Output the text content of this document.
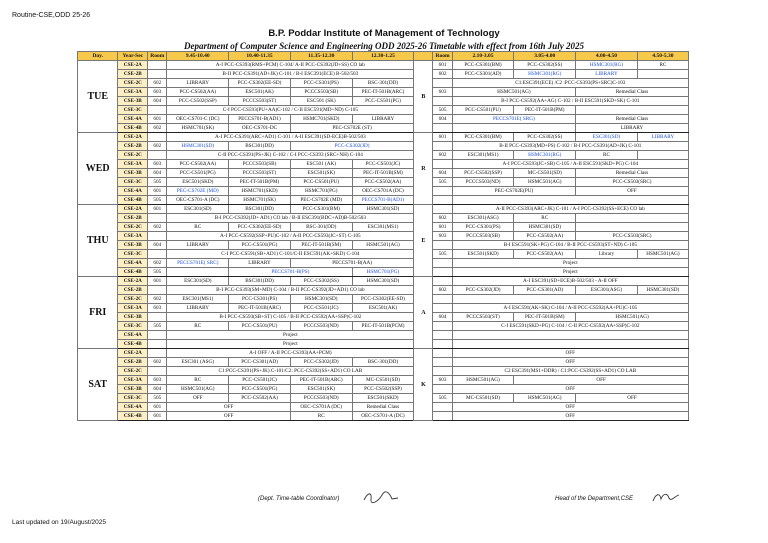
Routine-CSE,ODD 25-26
B.P. Poddar Institute of Management of Technology
Department of Computer Science and Engineering ODD 2025-26 Timetable with effect from 16th July 2025
Day.	Year-Sec	Room	9.45-10.40	10.40-11.35	11.35-12.30	12.30-1.25		Room	2.10-3.05	3.05-4.00	4.00-4.50	4.50-5.30
TUE	CSE-2A		A-I PCC-CS393(RMS+PCM) C-104/ A-II PCC-CS392(JD+SS) CO lab				B	601	PCC-CS301(BM)	PCC-CS302(SS)	HSMC301(RG)	RC
	CSE-2B		B-II PCC-CS391(AD+JK) C-101 / B-I ESC391(ECE) B-502/503					602	PCC-CS301(AD)	HSMC301(RG)	LIBRARY	
	CSE-2C	602	LIBRARY	PCC-CS302(EE-SD)	PCC-CS301(PS)	BSC-301(DD)			C1:ESC391(ECE) /C2 :PCC-CS393(PS+SRC)C-103			
	CSE-3A	603	PCC-CS502(AA)	ESC501(AK)	PCCCS503(SB)	PEC-IT-501B(ARC)		603	HSMC501(AG)		Remedial Class	
	CSE-3B	604	PCC-CS502(SSP)	PCCCS503(ST)	ESC501 (SK)	PCC-CS501(PG)			B-I PCC-CS592(AA+AG) C-102 / B-II ESC591(SKD+SK) C-101			
	CSE-3C		C-I PCC-CS593(PU+AA)C-102 / C-II ESC591(MD+ND) C-105					505	PCC-CS501(PU)	PEC-IT-501B(PM)		
	CSE-4A	601	OEC-CS701-C (DC)	PECCS701-B(AD1)	HSMC701(SKD)	LIBRARY		604	PECCS701E( SRG)		Remedial Class	
	CSE-4B	602	HSMC701(SK)	OEC-CS701-DC	PEC-CS702E (ST)						LIBRARY	
WED	CSE-2A		A-I PCC-CS391(ARC+AD1) C-101 / A-II ESC391(SD-ECE)B-502/503				R	601	PCC-CS301(BM)	PCC-CS302(SS)	ESC301(SD)	LIBRARY
	CSE-2B	602	HSMC301(SD)	BSC301(DD)	PCC-CS302(JD)				B-II PCC-CS393(MD+PS) C-102 / B-I PCC-CS391(AD+JK) C-101			
	CSE-2C		C-II PCC-CS391(PS+JK) C-102 / C-I PCC-CS393 (SRC+NH) C-104					602	ESC301(MS1)	HSMC301(RG)	RC	
	CSE-3A	603	PCC-CS502(AA)	PCCCS503(SB)	ESC501 (AK)	PCC-CS501(JC)			A-I PCC-CS593(JC+SB) C-105 / A-II ESC591(SKD+PG) C-104			
	CSE-3B	604	PCC-CS501(PG)	PCCCS503(ST)	ESC501(SK)	PEC-IT-501B(SM)		604	PCC-CS502(SSP)	MC-CS501(SD)	Remedial Class	
	CSE-3C	505	ESC501(SKD)	PEC-IT-501B(PM)	PCC-CS501(PU)	PCC-CS502(AA)		505	PCCCS503(ND)	HSMC501(AG)	PCC-CS503(SRC)	
	CSE-4A	601	PEC-CS702E (MD)	HSMC701(SKD)	HSMC701(PG)	OEC-CS701A (DC)			PEC-CS702E(PU)		OFF	
	CSE-4B	505	OEC-CS701-A (DC)	HSMC701(SK)	PEC-CS702E (MD)	PECCS701-B(AD1)						
THU	CSE-2A	601	ESC301(SD)	BSC301(DD)	PCC-CS301(BM)	HSMC301(SD)	E		A-II PCC-CS393(ARC+JK) C-101 / A-I PCC-CS392(SS+ECE) CO lab			
	CSE-2B		B-I PCC-CS392(JD+ AD1) CO lab / B-II ESC391(BDC+AD)B-502/503					602	ESC301(ASG)	RC		
	CSE-2C	602	RC	PCC-CS302(EE-SD)	BSC-301(DD)	ESC301(MS1)		601	PCC-CS301(PS)	HSMC301(SD)		
	CSE-3A		A-I PCC-CS592(SSP+PU)C-102 / A-II PCC-CS593(JC+ST) C-105					603	PCCCS503(SB)	PCC-CS502(AA)	PCC-CS503(SRC)	
	CSE-3B	604	LIBRARY	PCC-CS501(PG)	PEC-IT-501B(SM)	HSMC501(AG)			B-I ESC591(SK+PG) C-104 / B-II PCC-CS593(ST+ND) C-105			
	CSE-3C		C-I PCC-CS591(SB+AD1) C-101/C-II ESC591(AK+SKD) C-104					505	ESC501(SKD)	PCC-CS502(AA)	Library	HSMC501(AG)
	CSE-4A	602	PECCS701E( SRC)	LIBRARY	PECCS701-B(AA)				Project			
	CSE-4B	505		PECCS701-B(PS)		HSMC701(PG)			Project			
FRI	CSE-2A	601	ESC301(SD)	BSC301(DD)	PCC-CS302(SS)	HSMC301(SD)	A		A-I ESC391(SD+ECE)B-502/503 - A-II OFF			
	CSE-2B		B-I PCC-CS393(SM+MD) C-104 / B-II PCC-CS392(JD+AD1) CO lab					602	PCC-CS302(JD)	PCC-CS301(AD)	ESC301(ASG)	HSMC301(SD)
	CSE-2C	602	ESC301(MS1)	PCC-CS301(PS)	HSMC301(SD)	PCC-CS302(EE-SD)						
	CSE-3A	603	LIBRARY	PEC-IT-501B(ARC)	PCC-CS501(JC)	ESC501(AK)			A-I ESC591(AK+SK) C-104 / A-II PCC-CS592(AA+PU)C-105			
	CSE-3B		B-I PCC-CS593(SB+ST) C-105 / B-II PCC-CS592(AA+SSP)C-102					604	PCCCS503(ST)	PEC-IT-501B(SM)	HSMC501(AG)	
	CSE-3C	505	RC	PCC-CS501(PU)	PCCCS503(ND)	PEC-IT-501B(PCM)			C-I ESC591(SKD+PG) C-104 / C-II PCC-CS592(AA+SSP)C-102			
	CSE-4A		Project									
	CSE-4B		Project									
SAT	CSE-2A		A-I OFF / A-II PCC-CS393(AA+PCM)				K		OFF			
	CSE-2B	602	ESC301 (ASG)	PCC-CS301(AD)	PCC-CS302(JD)	BSC-301(DD)			OFF			
	CSE-2C		C1:PCC-CS391(PS+JK) C-101/C2: PCC-CS392(SS+AD1) CO LAB						C2 ESC391(MS1+DDR) / C1:PCC-CS392(SS+AD1) CO LAB			
	CSE-3A	603	RC	PCC-CS501(JC)	PEC-IT-501B(ARC)	MC-CS501(SD)		603	HSMC501(AG)	OFF		
	CSE-3B	604	HSMC501(AG)	PCC-CS501(PG)	ESC501(SK)	PCC-CS502(SSP)			OFF			
	CSE-3C	505	OFF	PCC-CS502(AA)	PCCCS503(ND)	ESC501(SKD)		505	MC-CS501(SD)	HSMC501(AG)	OFF	
	CSE-4A	601	OFF		OEC-CS701A (DC)	Remedial Class			OFF			
	CSE-4B	601	OFF		RC	OEC-CS701-A (DC)			OFF			
(Dept. Time-table Coordinator)	Head of the Department,CSE
Last updated on 19/August/2025
